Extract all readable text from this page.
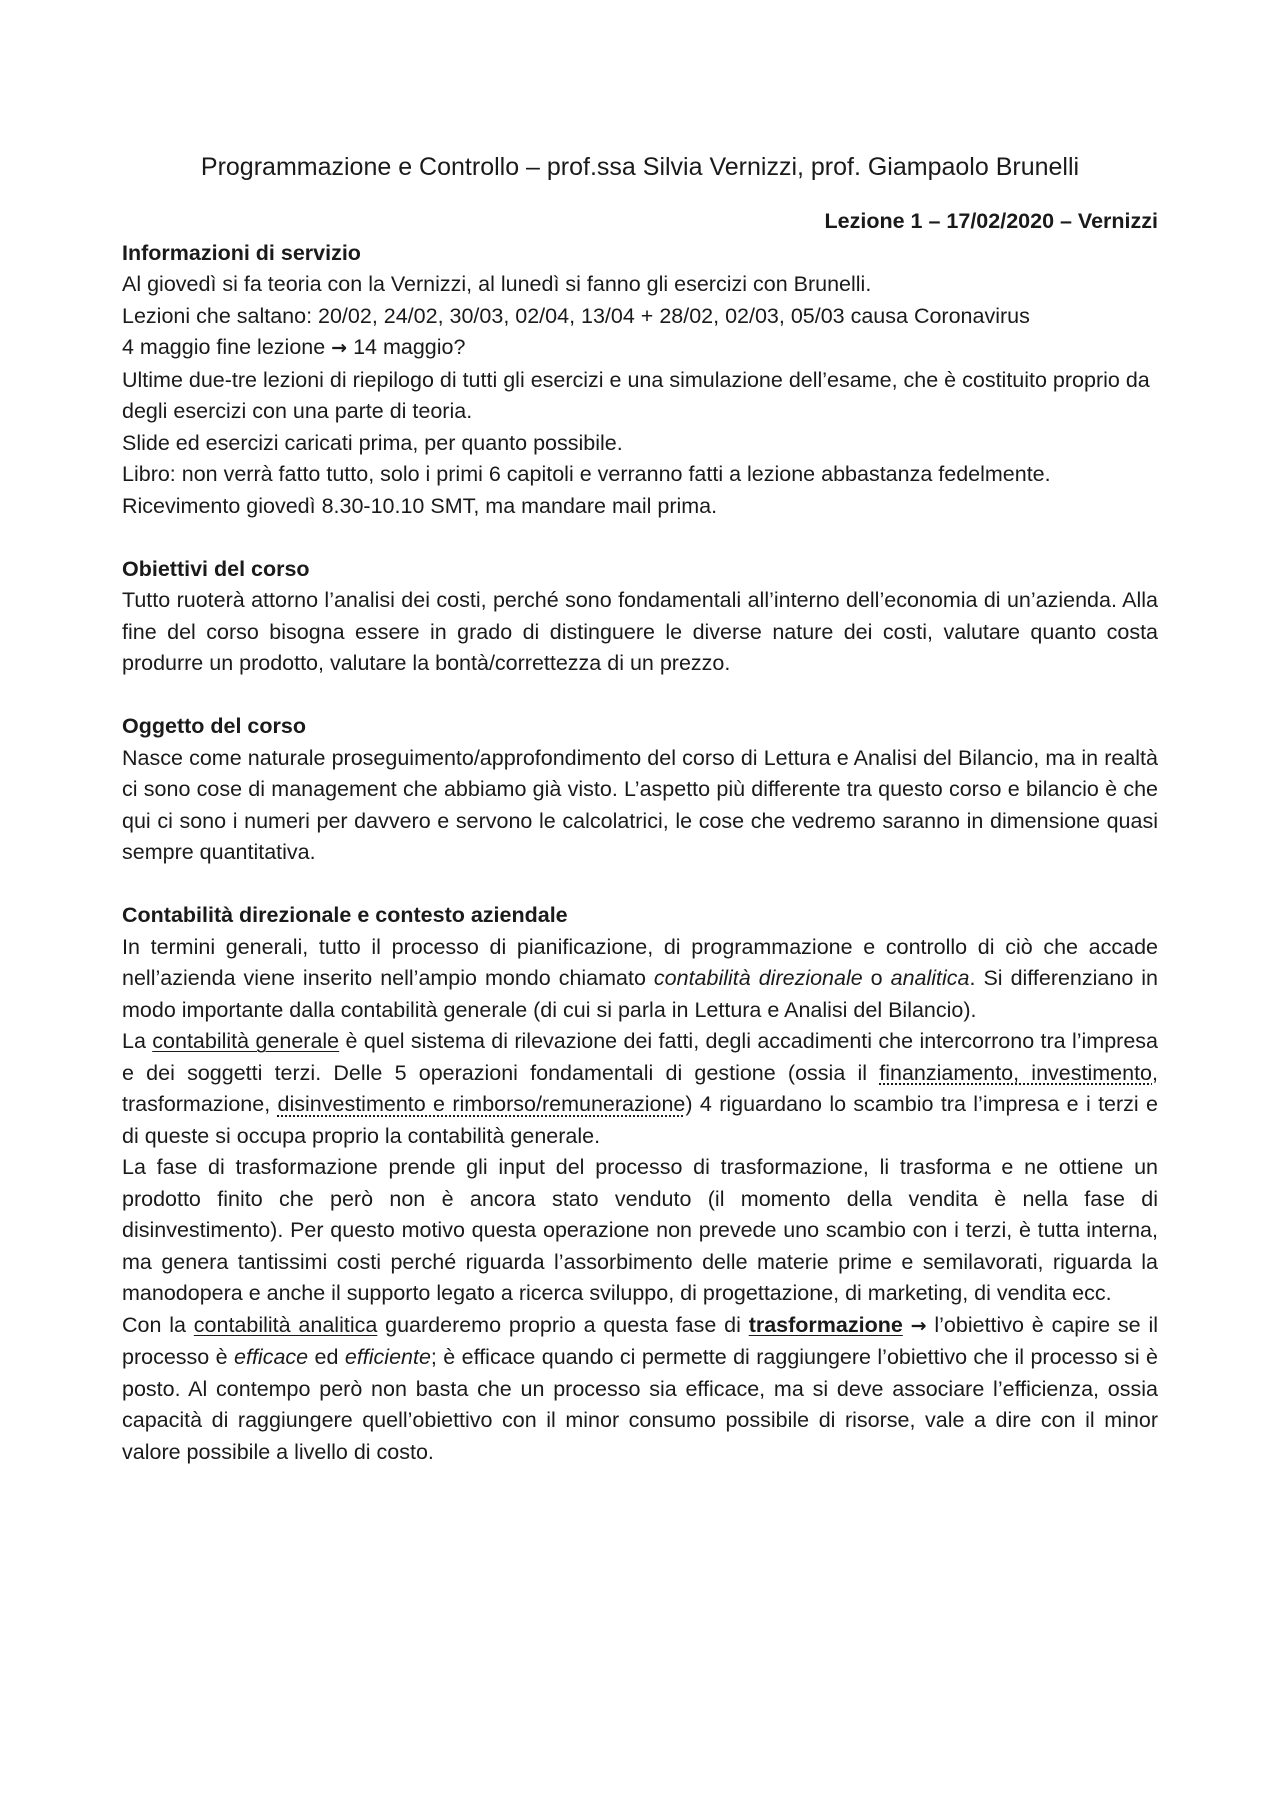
Programmazione e Controllo – prof.ssa Silvia Vernizzi, prof. Giampaolo Brunelli

Lezione 1 – 17/02/2020 – Vernizzi

Informazioni di servizio

Al giovedì si fa teoria con la Vernizzi, al lunedì si fanno gli esercizi con Brunelli.

Lezioni che saltano: 20/02, 24/02, 30/03, 02/04, 13/04 + 28/02, 02/03, 05/03 causa Coronavirus

4 maggio fine lezione → 14 maggio?

Ultime due-tre lezioni di riepilogo di tutti gli esercizi e una simulazione dell’esame, che è costituito proprio da degli esercizi con una parte di teoria.

Slide ed esercizi caricati prima, per quanto possibile.

Libro: non verrà fatto tutto, solo i primi 6 capitoli e verranno fatti a lezione abbastanza fedelmente.

Ricevimento giovedì 8.30-10.10 SMT, ma mandare mail prima.

Obiettivi del corso

Tutto ruoterà attorno l’analisi dei costi, perché sono fondamentali all’interno dell’economia di un’azienda. Alla fine del corso bisogna essere in grado di distinguere le diverse nature dei costi, valutare quanto costa produrre un prodotto, valutare la bontà/correttezza di un prezzo.

Oggetto del corso

Nasce come naturale proseguimento/approfondimento del corso di Lettura e Analisi del Bilancio, ma in realtà ci sono cose di management che abbiamo già visto. L’aspetto più differente tra questo corso e bilancio è che qui ci sono i numeri per davvero e servono le calcolatrici, le cose che vedremo saranno in dimensione quasi sempre quantitativa.

Contabilità direzionale e contesto aziendale

In termini generali, tutto il processo di pianificazione, di programmazione e controllo di ciò che accade nell’azienda viene inserito nell’ampio mondo chiamato contabilità direzionale o analitica. Si differenziano in modo importante dalla contabilità generale (di cui si parla in Lettura e Analisi del Bilancio).

La contabilità generale è quel sistema di rilevazione dei fatti, degli accadimenti che intercorrono tra l’impresa e dei soggetti terzi. Delle 5 operazioni fondamentali di gestione (ossia il finanziamento, investimento, trasformazione, disinvestimento e rimborso/remunerazione) 4 riguardano lo scambio tra l’impresa e i terzi e di queste si occupa proprio la contabilità generale.

La fase di trasformazione prende gli input del processo di trasformazione, li trasforma e ne ottiene un prodotto finito che però non è ancora stato venduto (il momento della vendita è nella fase di disinvestimento). Per questo motivo questa operazione non prevede uno scambio con i terzi, è tutta interna, ma genera tantissimi costi perché riguarda l’assorbimento delle materie prime e semilavorati, riguarda la manodopera e anche il supporto legato a ricerca sviluppo, di progettazione, di marketing, di vendita ecc.

Con la contabilità analitica guarderemo proprio a questa fase di trasformazione → l’obiettivo è capire se il processo è efficace ed efficiente; è efficace quando ci permette di raggiungere l’obiettivo che il processo si è posto. Al contempo però non basta che un processo sia efficace, ma si deve associare l’efficienza, ossia capacità di raggiungere quell’obiettivo con il minor consumo possibile di risorse, vale a dire con il minor valore possibile a livello di costo.
